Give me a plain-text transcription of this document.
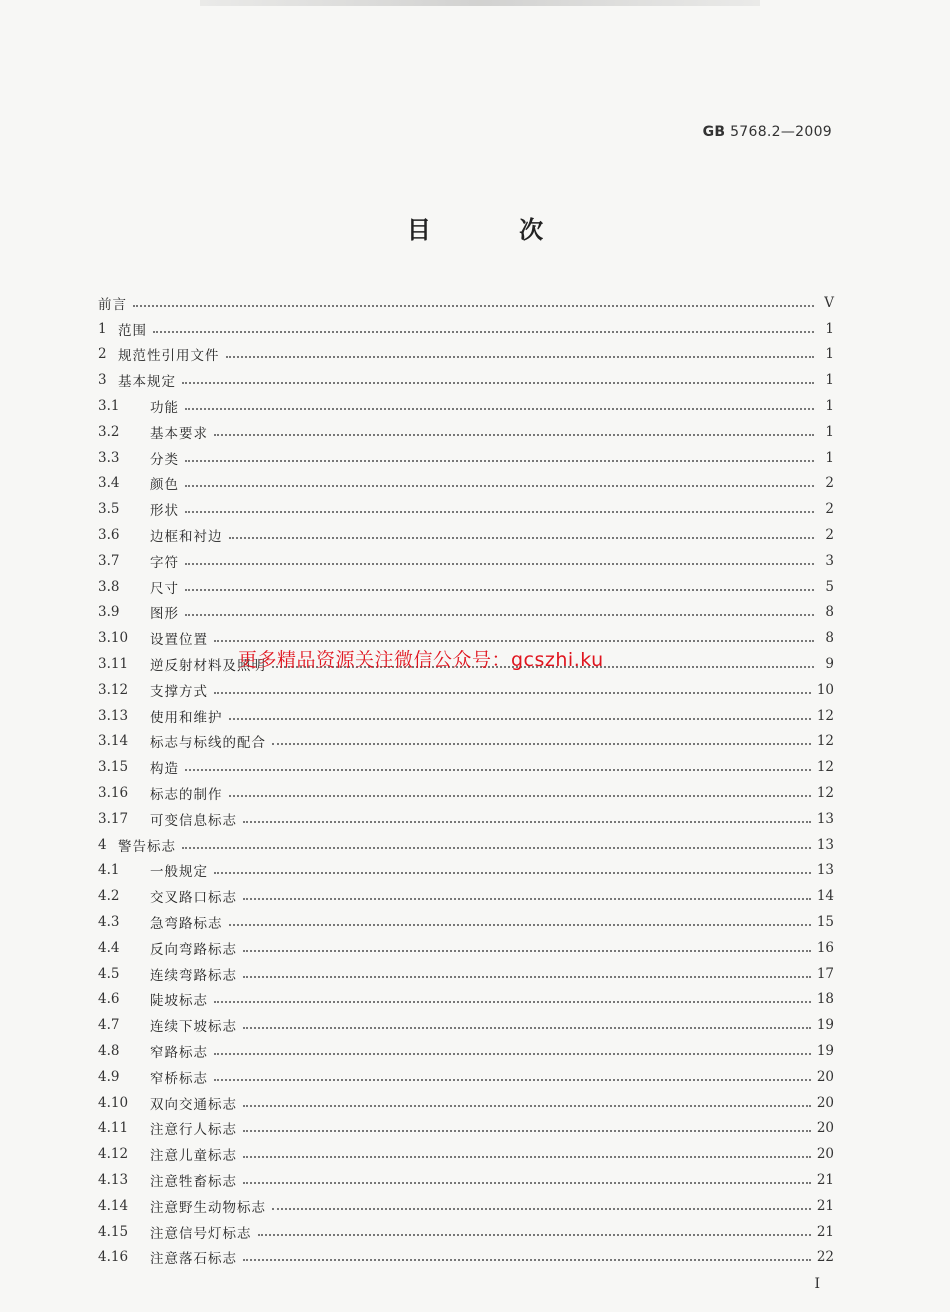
GB 5768.2—2009
目 次
前言	V
1 范围	1
2 规范性引用文件	1
3 基本规定	1
3.1	功能	1
3.2	基本要求	1
3.3	分类	1
3.4	颜色	2
3.5	形状	2
3.6	边框和衬边	2
3.7	字符	3
3.8	尺寸	5
3.9	图形	8
3.10	设置位置	8
3.11	逆反射材料及照明	9
3.12	支撑方式	10
3.13	使用和维护	12
3.14	标志与标线的配合	12
3.15	构造	12
3.16	标志的制作	12
3.17	可变信息标志	13
4 警告标志	13
4.1	一般规定	13
4.2	交叉路口标志	14
4.3	急弯路标志	15
4.4	反向弯路标志	16
4.5	连续弯路标志	17
4.6	陡坡标志	18
4.7	连续下坡标志	19
4.8	窄路标志	19
4.9	窄桥标志	20
4.10	双向交通标志	20
4.11	注意行人标志	20
4.12	注意儿童标志	20
4.13	注意牲畜标志	21
4.14	注意野生动物标志	21
4.15	注意信号灯标志	21
4.16	注意落石标志	22
更多精品资源关注微信公众号：gcszhi.ku
I
